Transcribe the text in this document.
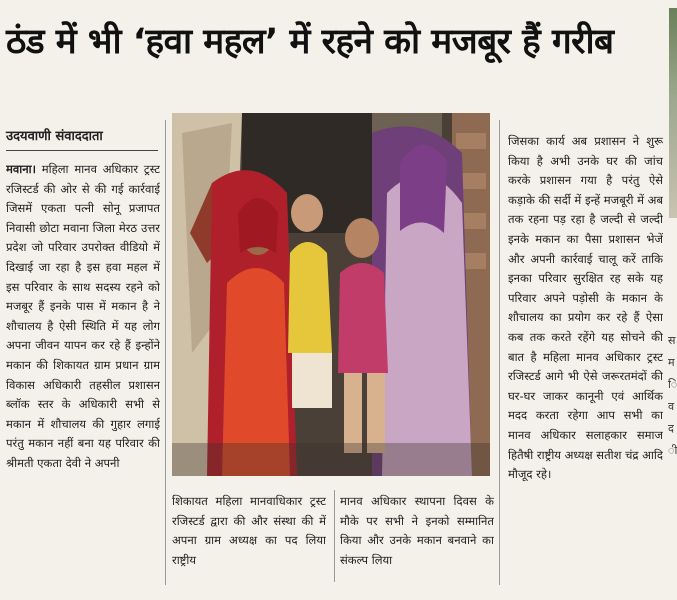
ठंड में भी ‘हवा महल’ में रहने को मजबूर हैं गरीब
स म ि व द ी
उदयवाणी संवाददाता
मवाना। महिला मानव अधिकार ट्रस्ट रजिस्टर्ड की ओर से की गई कार्रवाई जिसमें एकता पत्नी सोनू प्रजापत निवासी छोटा मवाना जिला मेरठ उत्तर प्रदेश जो परिवार उपरोक्त वीडियो में दिखाई जा रहा है इस हवा महल में इस परिवार के साथ सदस्य रहने को मजबूर हैं इनके पास में मकान है ने शौचालय है ऐसी स्थिति में यह लोग अपना जीवन यापन कर रहे हैं इन्होंने मकान की शिकायत ग्राम प्रधान ग्राम विकास अधिकारी तहसील प्रशासन ब्लॉक स्तर के अधिकारी सभी से मकान में शौचालय की गुहार लगाई परंतु मकान नहीं बना यह परिवार की श्रीमती एकता देवी ने अपनी
शिकायत महिला मानवाधिकार ट्रस्ट रजिस्टर्ड द्वारा की और संस्था की में अपना ग्राम अध्यक्ष का पद लिया राष्ट्रीय
मानव अधिकार स्थापना दिवस के मौके पर सभी ने इनको सम्मानित किया और उनके मकान बनवाने का संकल्प लिया
जिसका कार्य अब प्रशासन ने शुरू किया है अभी उनके घर की जांच करके प्रशासन गया है परंतु ऐसे कड़ाके की सर्दी में इन्हें मजबूरी में अब तक रहना पड़ रहा है जल्दी से जल्दी इनके मकान का पैसा प्रशासन भेजें और अपनी कार्रवाई चालू करें ताकि इनका परिवार सुरक्षित रह सके यह परिवार अपने पड़ोसी के मकान के शौचालय का प्रयोग कर रहे हैं ऐसा कब तक करते रहेंगे यह सोचने की बात है महिला मानव अधिकार ट्रस्ट रजिस्टर्ड आगे भी ऐसे जरूरतमंदों की घर-घर जाकर कानूनी एवं आर्थिक मदद करता रहेगा आप सभी का मानव अधिकार सलाहकार समाज हितैषी राष्ट्रीय अध्यक्ष सतीश चंद्र आदि मौजूद रहे।
